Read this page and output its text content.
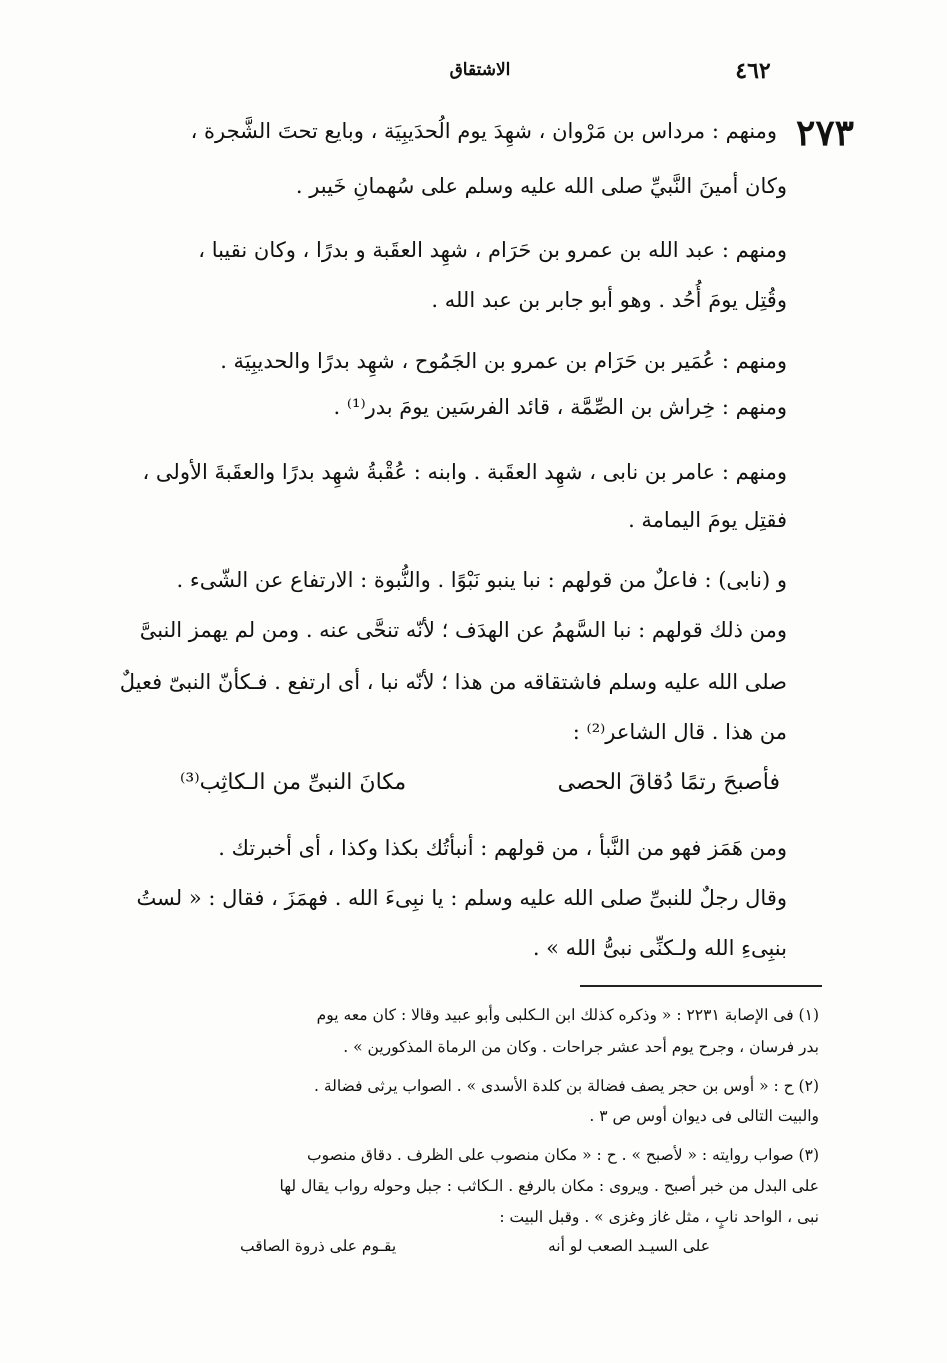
٤٦٢
الاشتقاق
٢٧٣
ومنهم : مرداس بن مَرْوان ، شهِدَ يوم الُحدَيبِيَة ، وبايع تحتَ الشَّجرة ،
وكان أمينَ النَّبيِّ صلى الله عليه وسلم على سُهمانِ خَيبر .
ومنهم : عبد الله بن عمرو بن حَرَام ، شهِد العقَبة و بدرًا ، وكان نقيبا ،
وقُتِل يومَ أُحُد . وهو أبو جابر بن عبد الله .
ومنهم : عُمَير بن حَرَام بن عمرو بن الجَمُوح ، شهِد بدرًا والحديبِيَة .
ومنهم : خِراش بن الصِّمَّة ، قائد الفرسَين يومَ بدر⁽¹⁾ .
ومنهم : عامر بن نابى ، شهِد العقَبة . وابنه : عُقْبةُ شهِد بدرًا والعقَبةَ الأولى ،
فقتِل يومَ اليمامة .
و (نابى) : فاعلٌ من قولهم : نبا ينبو نَبْوًا . والنُّبوة : الارتفاع عن الشّىء .
ومن ذلك قولهم : نبا السَّهمُ عن الهدَف ؛ لأنّه تنحَّى عنه . ومن لم يهمز النبىَّ
صلى الله عليه وسلم فاشتقاقه من هذا ؛ لأنّه نبا ، أى ارتفع . فـكأنّ النبىّ فعيلٌ
من هذا . قال الشاعر⁽²⁾ :
فأصبحَ رتمًا دُقاقَ الحصى
مكانَ النبىِّ من الـكاثِب⁽³⁾
ومن هَمَز فهو من النَّبأ ، من قولهم : أنبأتُك بكذا وكذا ، أى أخبرتك .
وقال رجلٌ للنبىِّ صلى الله عليه وسلم : يا نبِىءَ الله . فهمَزَ ، فقال : « لستُ
بنبِىءِ الله ولـكنِّى نبىُّ الله » .
(١) فى الإصابة ٢٢٣١ : « وذكره كذلك ابن الـكلبى وأبو عبيد وقالا : كان معه يوم
بدر فرسان ، وجرح يوم أحد عشر جراحات . وكان من الرماة المذكورين » .
(٢) ح : « أوس بن حجر يصف فضالة بن كلدة الأسدى » . الصواب يرثى فضالة .
والبيت التالى فى ديوان أوس ص ٣ .
(٣) صواب روايته : « لأصبح » . ح : « مكان منصوب على الظرف . دقاق منصوب
على البدل من خبر أصبح . ويروى : مكان بالرفع . الـكاثب : جبل وحوله رواب يقال لها
نبى ، الواحد نابٍ ، مثل غاز وغزى » . وقبل البيت :
على السيـد الصعب لو أنه
يقـوم على ذروة الصاقب
